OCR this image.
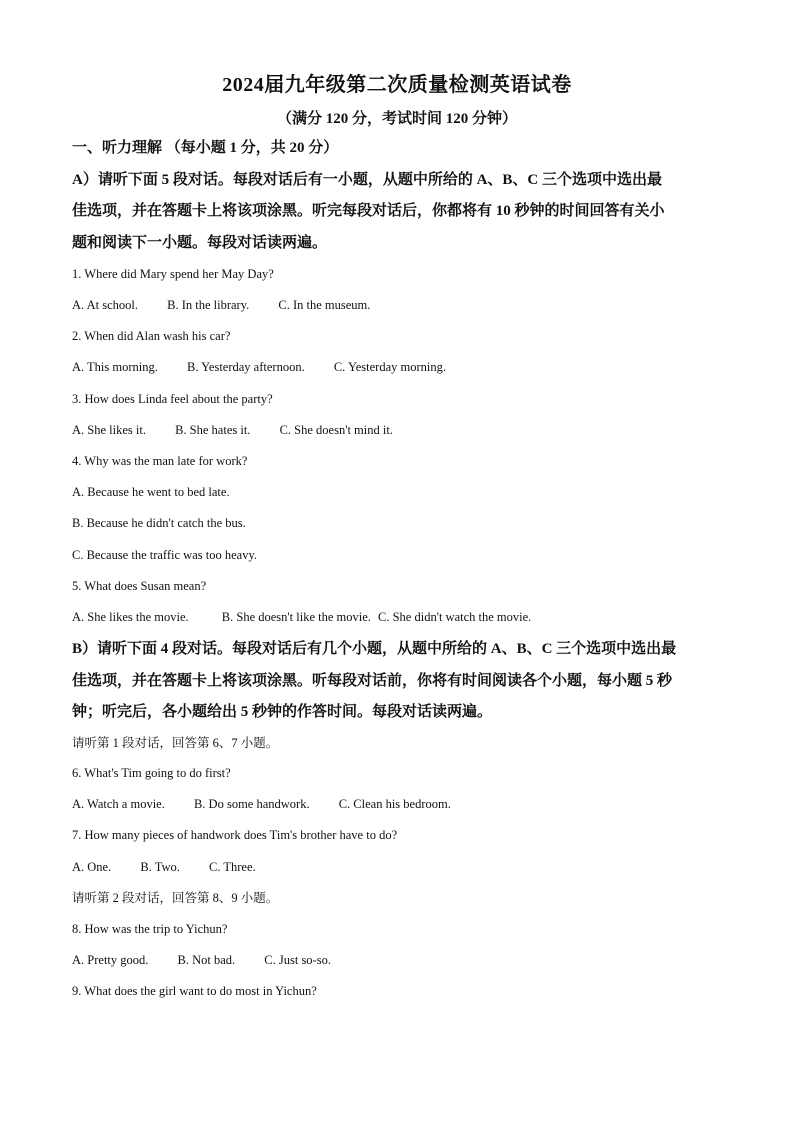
2024届九年级第二次质量检测英语试卷
（满分 120 分，考试时间 120 分钟）
一、听力理解 （每小题 1 分，共 20 分）
A）请听下面 5 段对话。每段对话后有一小题，从题中所给的 A、B、C 三个选项中选出最
佳选项，并在答题卡上将该项涂黑。听完每段对话后，你都将有 10 秒钟的时间回答有关小
题和阅读下一小题。每段对话读两遍。
1. Where did Mary spend her May Day?
A. At school. B. In the library. C. In the museum.
2. When did Alan wash his car?
A. This morning. B. Yesterday afternoon. C. Yesterday morning.
3. How does Linda feel about the party?
A. She likes it. B. She hates it. C. She doesn't mind it.
4. Why was the man late for work?
A. Because he went to bed late.
B. Because he didn't catch the bus.
C. Because the traffic was too heavy.
5. What does Susan mean?
A. She likes the movie.	B. She doesn't like the movie. C. She didn't watch the movie.
B）请听下面 4 段对话。每段对话后有几个小题，从题中所给的 A、B、C 三个选项中选出最
佳选项，并在答题卡上将该项涂黑。听每段对话前，你将有时间阅读各个小题，每小题 5 秒
钟；听完后，各小题给出 5 秒钟的作答时间。每段对话读两遍。
请听第 1 段对话，回答第 6、7 小题。
6. What's Tim going to do first?
A. Watch a movie. B. Do some handwork. C. Clean his bedroom.
7. How many pieces of handwork does Tim's brother have to do?
A. One. B. Two. C. Three.
请听第 2 段对话，回答第 8、9 小题。
8. How was the trip to Yichun?
A. Pretty good. B. Not bad. C. Just so-so.
9. What does the girl want to do most in Yichun?
